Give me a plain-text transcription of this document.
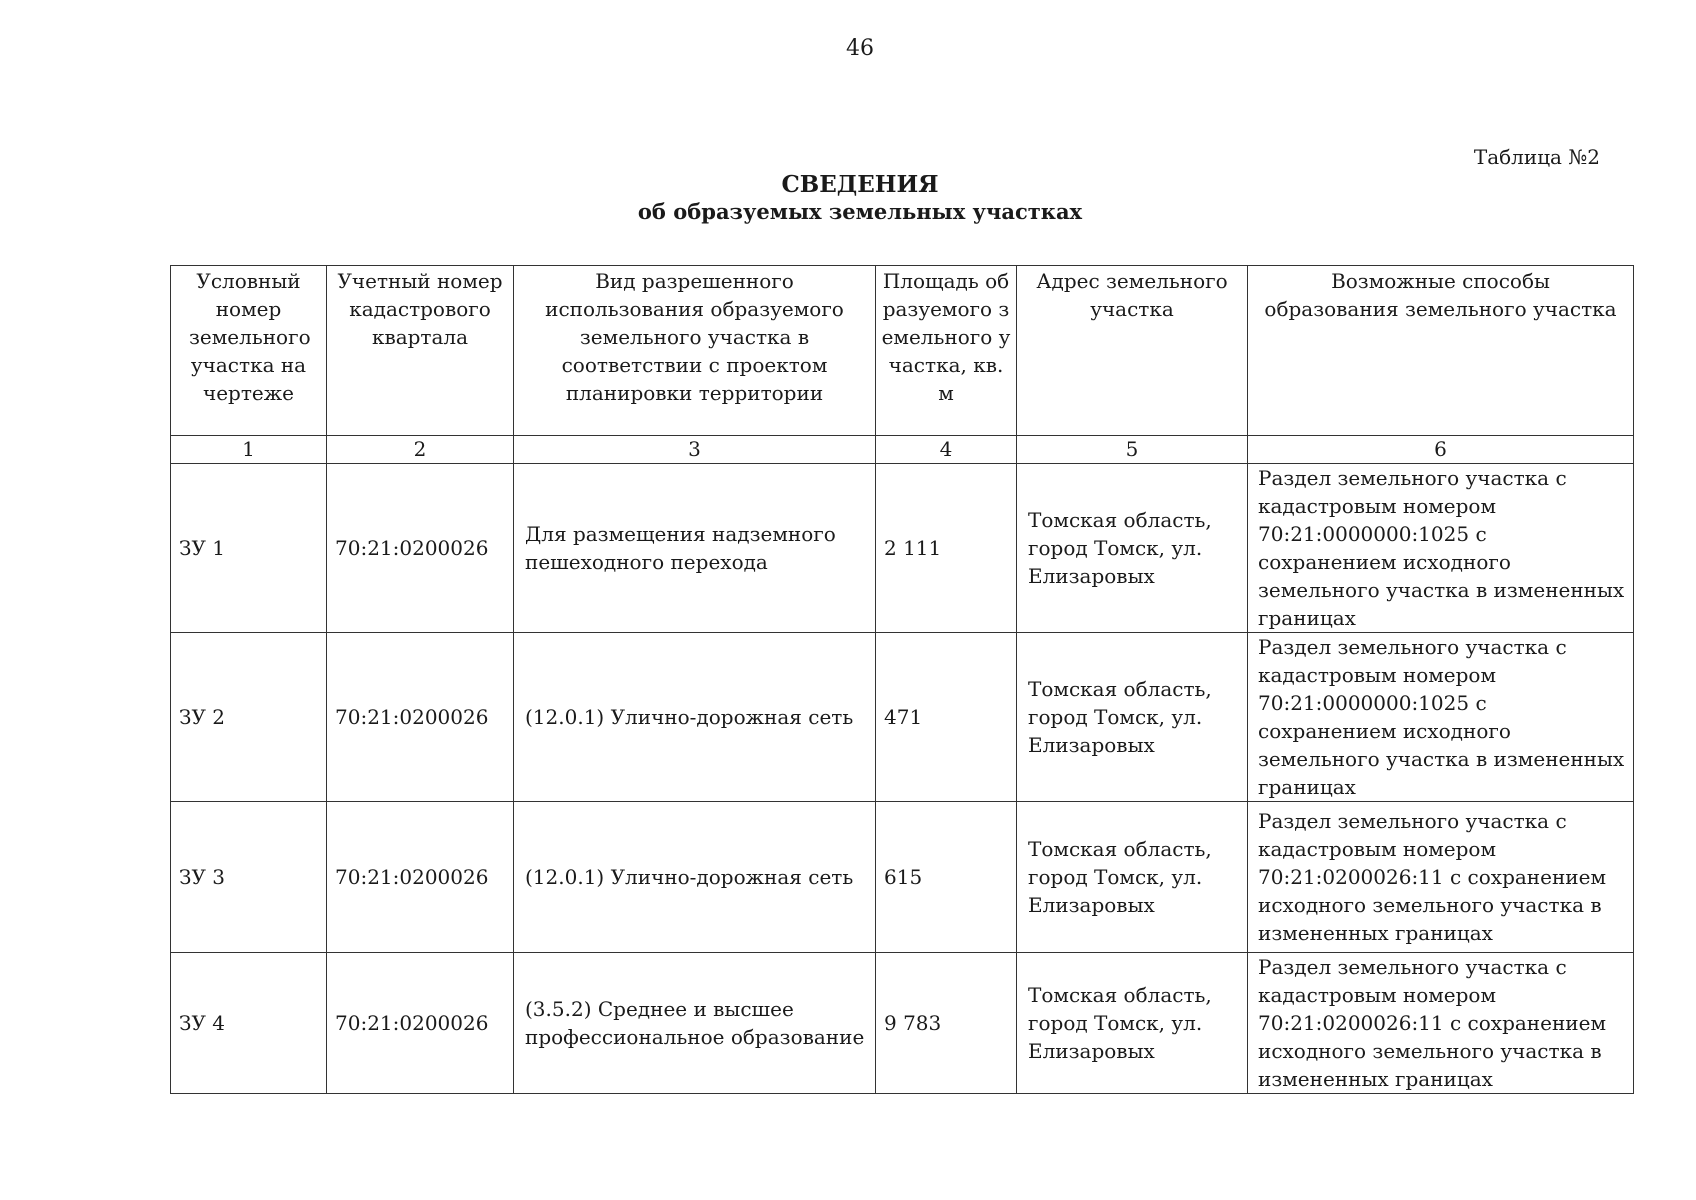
46
Таблица №2
СВЕДЕНИЯ
об образуемых земельных участках
Условный номер земельного участка на чертеже	Учетный номер кадастрового квартала	Вид разрешенного использования образуемого земельного участка в соответствии с проектом планировки территории	Площадь образуемого земельного участка, кв. м	Адрес земельного участка	Возможные способы образования земельного участка
1	2	3	4	5	6
ЗУ 1	70:21:0200026	Для размещения надземного пешеходного перехода	2 111	Томская область, город Томск, ул. Елизаровых	Раздел земельного участка с кадастровым номером 70:21:0000000:1025 с сохранением исходного земельного участка в измененных границах
ЗУ 2	70:21:0200026	(12.0.1) Улично-дорожная сеть	471	Томская область, город Томск, ул. Елизаровых	Раздел земельного участка с кадастровым номером 70:21:0000000:1025 с сохранением исходного земельного участка в измененных границах
ЗУ 3	70:21:0200026	(12.0.1) Улично-дорожная сеть	615	Томская область, город Томск, ул. Елизаровых	Раздел земельного участка с кадастровым номером 70:21:0200026:11 с сохранением исходного земельного участка в измененных границах
ЗУ 4	70:21:0200026	(3.5.2) Среднее и высшее профессиональное образование	9 783	Томская область, город Томск, ул. Елизаровых	Раздел земельного участка с кадастровым номером 70:21:0200026:11 с сохранением исходного земельного участка в измененных границах
